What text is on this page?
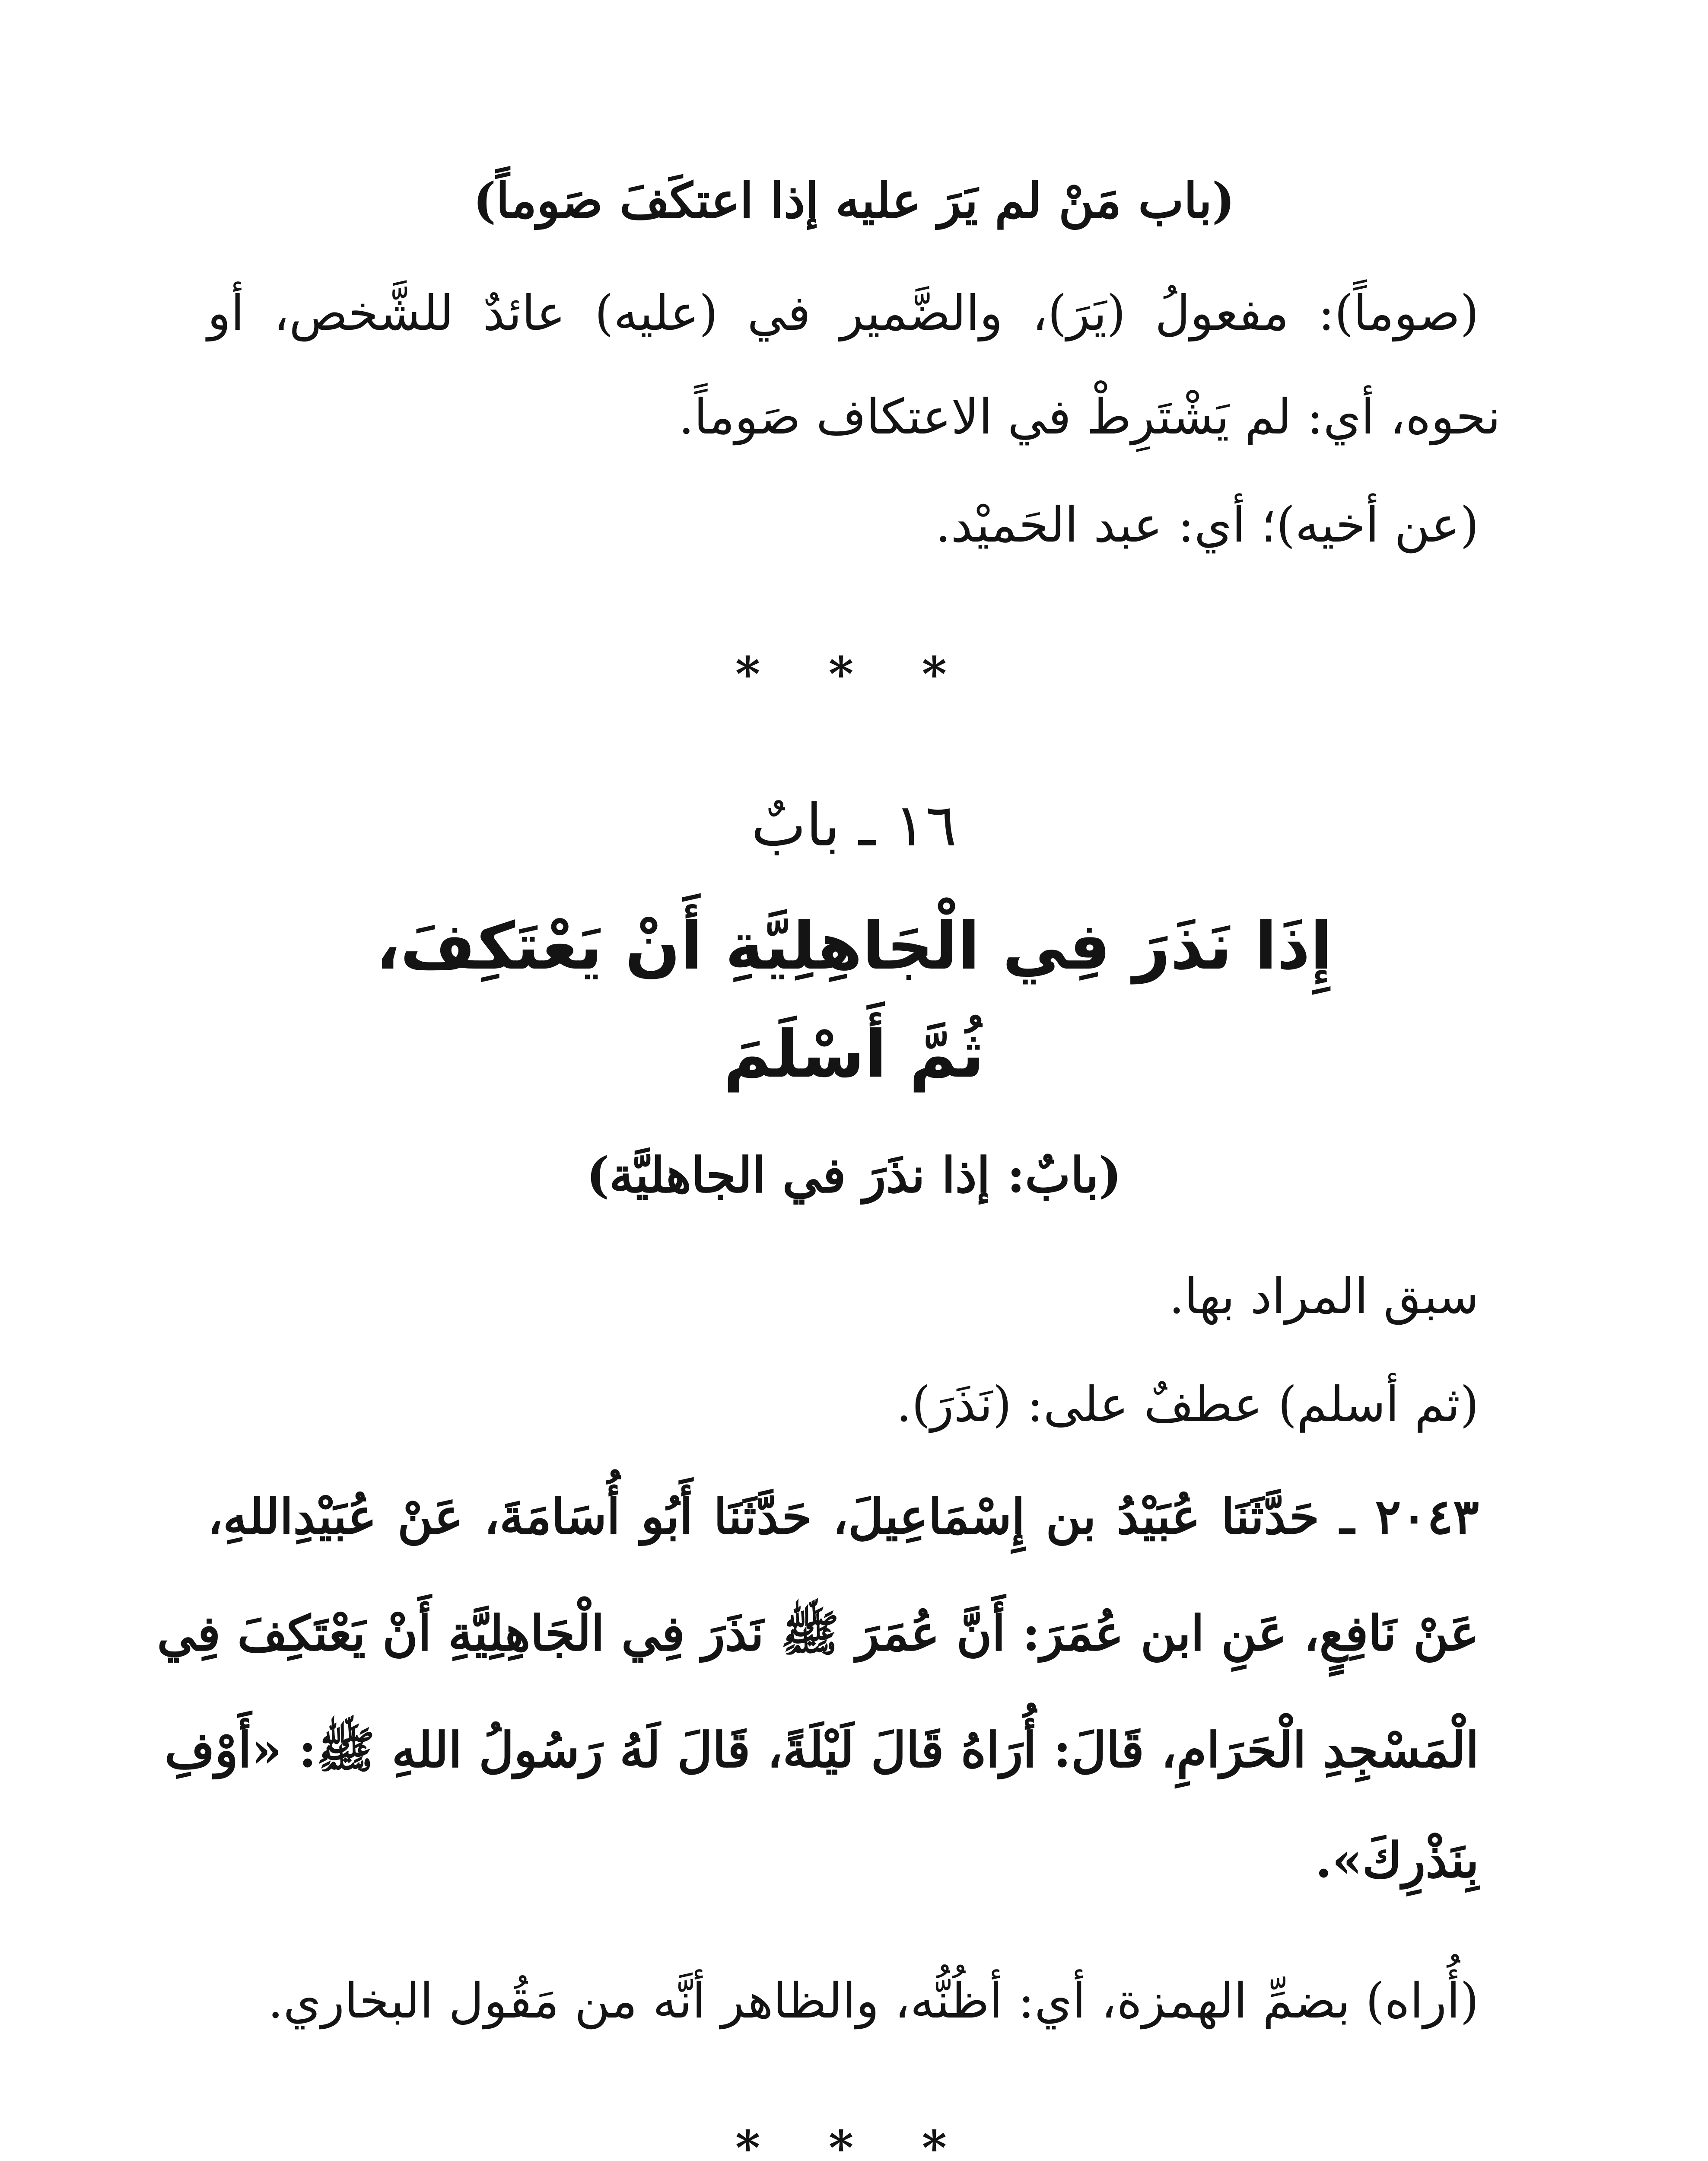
(باب مَنْ لم يَرَ عليه إذا اعتكَفَ صَوماً)
(صوماً): مفعولُ (يَرَ)، والضَّمير في (عليه) عائدٌ للشَّخص، أو
نحوه، أي: لم يَشْتَرِطْ في الاعتكاف صَوماً.
(عن أخيه)؛ أي: عبد الحَميْد.
* * *
١٦ ـ بابٌ
إِذَا نَذَرَ فِي الْجَاهِلِيَّةِ أَنْ يَعْتَكِفَ،
ثُمَّ أَسْلَمَ
(بابٌ: إذا نذَرَ في الجاهليَّة)
سبق المراد بها.
(ثم أسلم) عطفٌ على: (نَذَرَ).
٢٠٤٣ ـ حَدَّثَنَا عُبَيْدُ بن إِسْمَاعِيلَ، حَدَّثَنَا أَبُو أُسَامَةَ، عَنْ عُبَيْدِاللهِ،
عَنْ نَافِعٍ، عَنِ ابن عُمَرَ: أَنَّ عُمَرَ ﷺ نَذَرَ فِي الْجَاهِلِيَّةِ أَنْ يَعْتَكِفَ فِي
الْمَسْجِدِ الْحَرَامِ، قَالَ: أُرَاهُ قَالَ لَيْلَةً، قَالَ لَهُ رَسُولُ اللهِ ﷺ: «أَوْفِ
بِنَذْرِكَ».
(أُراه) بضمِّ الهمزة، أي: أظُنُّه، والظاهر أنَّه من مَقُول البخاري.
* * *
